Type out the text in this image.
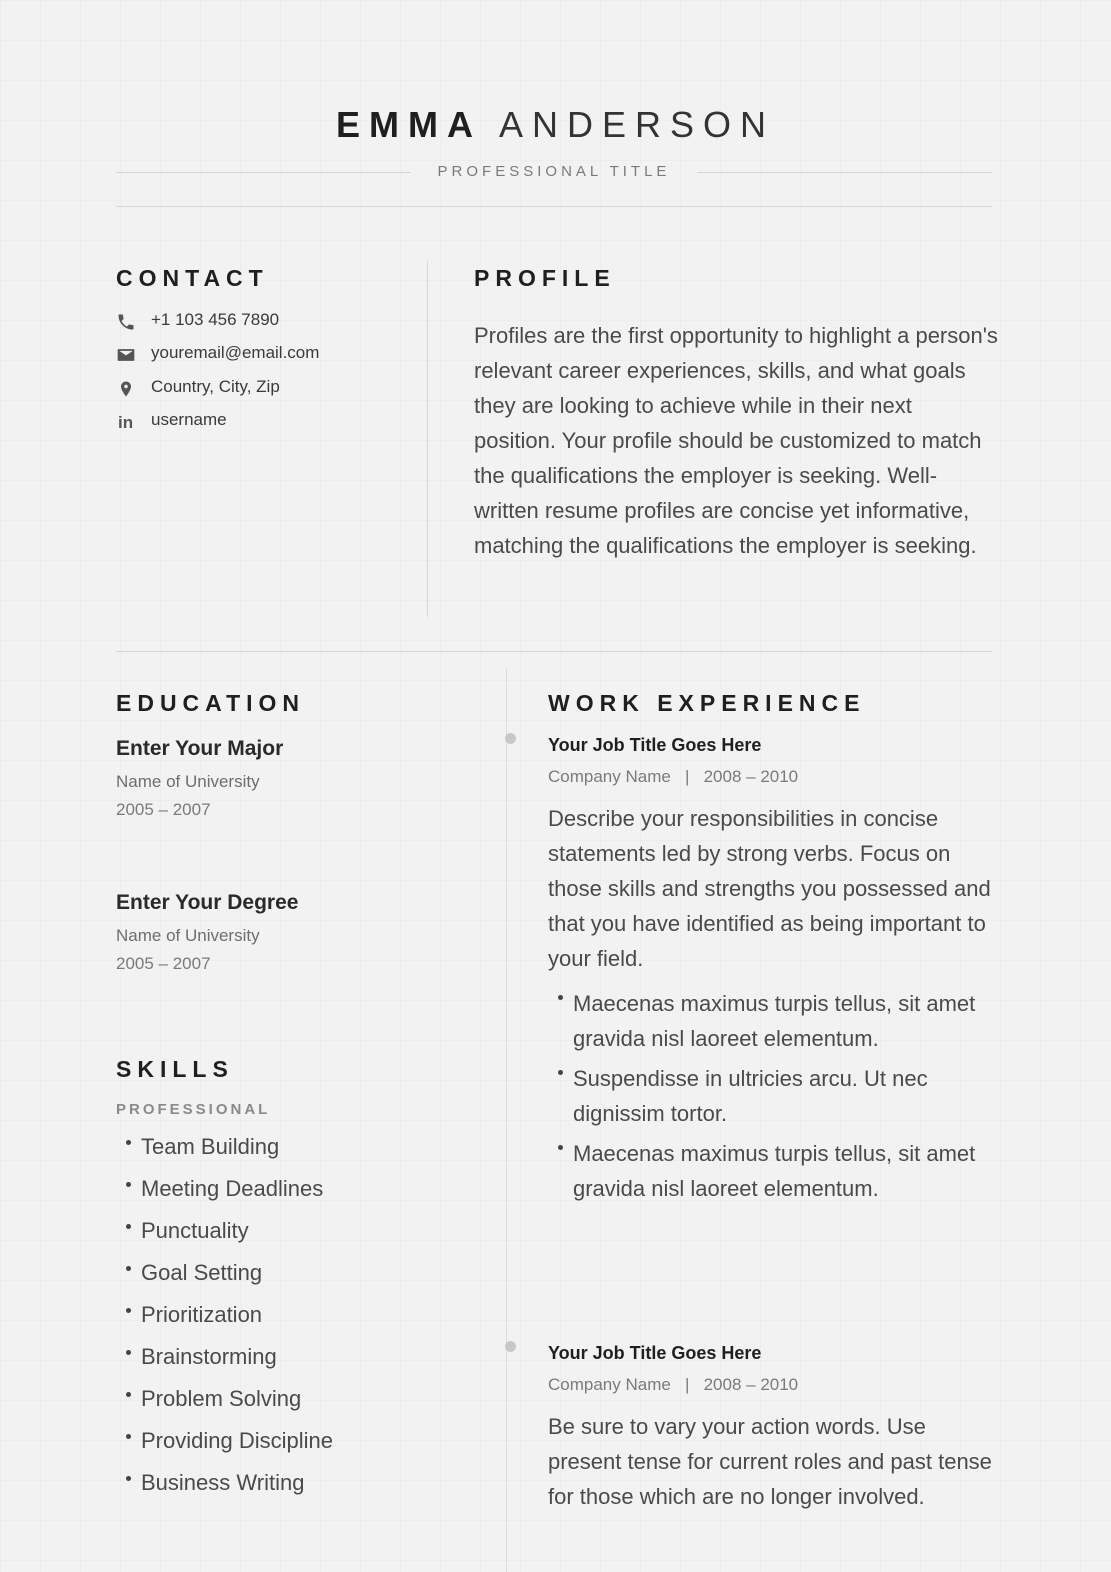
EMMA ANDERSON
PROFESSIONAL TITLE
CONTACT
+1 103 456 7890
youremail@email.com
Country, City, Zip
in	username
PROFILE

Profiles are the first opportunity to highlight a person's relevant career experiences, skills, and what goals they are looking to achieve while in their next position. Your profile should be customized to match the qualifications the employer is seeking. Well-written resume profiles are concise yet informative, matching the qualifications the employer is seeking.

EDUCATION
Enter Your Major
Name of University
2005 – 2007
Enter Your Degree
Name of University
2005 – 2007
SKILLS
PROFESSIONAL
Team Building
Meeting Deadlines
Punctuality
Goal Setting
Prioritization
Brainstorming
Problem Solving
Providing Discipline
Business Writing
WORK EXPERIENCE
Your Job Title Goes Here
Company Name | 2008 – 2010

Describe your responsibilities in concise statements led by strong verbs. Focus on those skills and strengths you possessed and that you have identified as being important to your field.

Maecenas maximus turpis tellus, sit amet gravida nisl laoreet elementum.
Suspendisse in ultricies arcu. Ut nec dignissim tortor.
Maecenas maximus turpis tellus, sit amet gravida nisl laoreet elementum.
Your Job Title Goes Here
Company Name | 2008 – 2010

Be sure to vary your action words. Use present tense for current roles and past tense for those which are no longer involved.
